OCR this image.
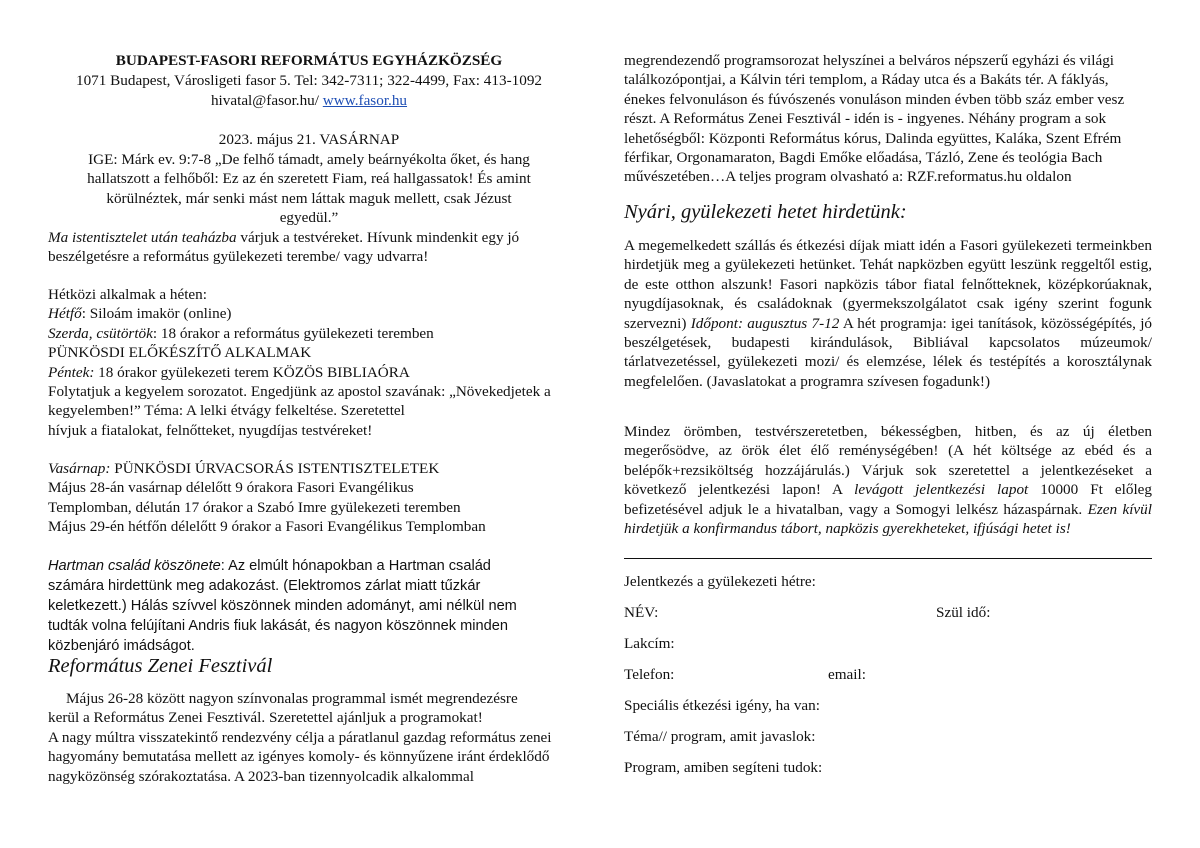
BUDAPEST-FASORI REFORMÁTUS EGYHÁZKÖZSÉG
1071 Budapest, Városligeti fasor 5. Tel: 342-7311; 322-4499, Fax: 413-1092
hivatal@fasor.hu/ www.fasor.hu
2023. május 21. VASÁRNAP
IGE: Márk ev. 9:7-8 „De felhő támadt, amely beárnyékolta őket, és hang hallatszott a felhőből: Ez az én szeretett Fiam, reá hallgassatok! És amint körülnéztek, már senki mást nem láttak maguk mellett, csak Jézust egyedül.”
Ma istentisztelet után teaházba várjuk a testvéreket. Hívunk mindenkit egy jó beszélgetésre a református gyülekezeti terembe/ vagy udvarra!
Hétközi alkalmak a héten:
Hétfő: Siloám imakör (online)
Szerda, csütörtök: 18 órakor a református gyülekezeti teremben
PÜNKÖSDI ELŐKÉSZÍTŐ ALKALMAK
Péntek: 18 órakor gyülekezeti terem KÖZÖS BIBLIAÓRA
Folytatjuk a kegyelem sorozatot. Engedjünk az apostol szavának: „Növekedjetek a
kegyelemben!” Téma: A lelki étvágy felkeltése. Szeretettel
hívjuk a fiatalokat, felnőtteket, nyugdíjas testvéreket!
Vasárnap: PÜNKÖSDI ÚRVACSORÁS ISTENTISZTELETEK
Május 28-án vasárnap délelőtt 9 órakora Fasori Evangélikus
Templomban, délután 17 órakor a Szabó Imre gyülekezeti teremben
Május 29-én hétfőn délelőtt 9 órakor a Fasori Evangélikus Templomban
Hartman család köszönete: Az elmúlt hónapokban a Hartman család
számára hirdettünk meg adakozást. (Elektromos zárlat miatt tűzkár
keletkezett.) Hálás szívvel köszönnek minden adományt, ami nélkül nem
tudták volna felújítani Andris fiuk lakását, és nagyon köszönnek minden
közbenjáró imádságot.
Református Zenei Fesztivál
Május 26-28 között nagyon színvonalas programmal ismét megrendezésre
kerül a Református Zenei Fesztivál. Szeretettel ajánljuk a programokat!
A nagy múltra visszatekintő rendezvény célja a páratlanul gazdag református zenei
hagyomány bemutatása mellett az igényes komoly- és könnyűzene iránt érdeklődő
nagyközönség szórakoztatása. A 2023-ban tizennyolcadik alkalommal
megrendezendő programsorozat helyszínei a belváros népszerű egyházi és világi
találkozópontjai, a Kálvin téri templom, a Ráday utca és a Bakáts tér. A fáklyás,
énekes felvonuláson és fúvószenés vonuláson minden évben több száz ember vesz
részt. A Református Zenei Fesztivál - idén is - ingyenes. Néhány program a sok
lehetőségből: Központi Református kórus, Dalinda együttes, Kaláka, Szent Efrém
férfikar, Orgonamaraton, Bagdi Emőke előadása, Tázló, Zene és teológia Bach
művészetében…A teljes program olvasható a: RZF.reformatus.hu oldalon
Nyári, gyülekezeti hetet hirdetünk:
A megemelkedett szállás és étkezési díjak miatt idén a Fasori gyülekezeti termeinkben hirdetjük meg a gyülekezeti hetünket. Tehát napközben együtt leszünk reggeltől estig, de este otthon alszunk! Fasori napközis tábor fiatal felnőtteknek, középkorúaknak, nyugdíjasoknak, és családoknak (gyermekszolgálatot csak igény szerint fogunk szervezni) Időpont: augusztus 7-12 A hét programja: igei tanítások, közösségépítés, jó beszélgetések, budapesti kirándulások, Bibliával kapcsolatos múzeumok/ tárlatvezetéssel, gyülekezeti mozi/ és elemzése, lélek és testépítés a korosztálynak megfelelően. (Javaslatokat a programra szívesen fogadunk!)
Mindez örömben, testvérszeretetben, békességben, hitben, és az új életben megerősödve, az örök élet élő reménységében! (A hét költsége az ebéd és a belépők+rezsiköltség hozzájárulás.) Várjuk sok szeretettel a jelentkezéseket a következő jelentkezési lapon! A levágott jelentkezési lapot 10000 Ft előleg befizetésével adjuk le a hivatalban, vagy a Somogyi lelkész házaspárnak. Ezen kívül hirdetjük a konfirmandus tábort, napközis gyerekheteket, ifjúsági hetet is!
Jelentkezés a gyülekezeti hétre:
NÉV:	Szül idő:
Lakcím:
Telefon:	email:
Speciális étkezési igény, ha van:
Téma// program, amit javaslok:
Program, amiben segíteni tudok:
